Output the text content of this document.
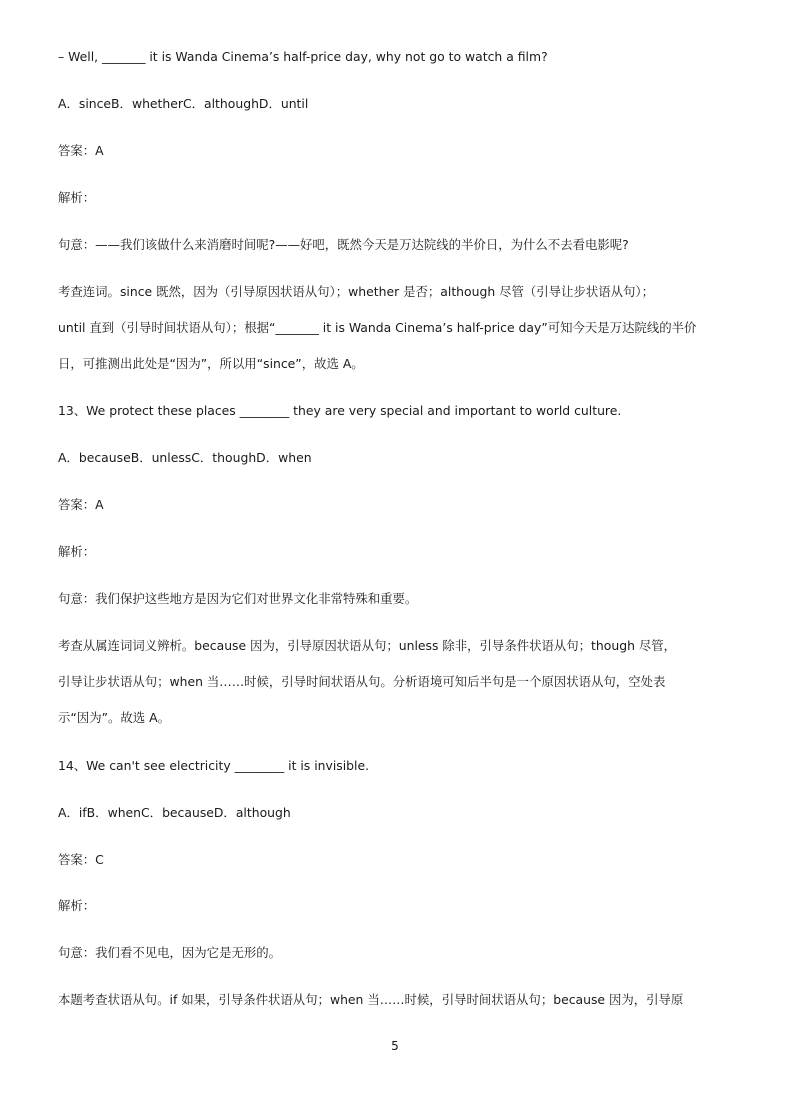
– Well, _______ it is Wanda Cinema’s half-price day, why not go to watch a film?
A．sinceB．whetherC．althoughD．until
答案：A
解析：
句意：——我们该做什么来消磨时间呢?——好吧，既然今天是万达院线的半价日，为什么不去看电影呢?
考查连词。since 既然，因为（引导原因状语从句）；whether 是否；although 尽管（引导让步状语从句）；
until 直到（引导时间状语从句）；根据“_______ it is Wanda Cinema’s half-price day”可知今天是万达院线的半价
日，可推测出此处是“因为”，所以用“since”，故选 A。
13、We protect these places ________ they are very special and important to world culture.
A．becauseB．unlessC．thoughD．when
答案：A
解析：
句意：我们保护这些地方是因为它们对世界文化非常特殊和重要。
考查从属连词词义辨析。because 因为，引导原因状语从句；unless 除非，引导条件状语从句；though 尽管，
引导让步状语从句；when 当……时候，引导时间状语从句。分析语境可知后半句是一个原因状语从句，空处表
示“因为”。故选 A。
14、We can't see electricity ________ it is invisible.
A．ifB．whenC．becauseD．although
答案：C
解析：
句意：我们看不见电，因为它是无形的。
本题考查状语从句。if 如果，引导条件状语从句；when 当……时候，引导时间状语从句；because 因为，引导原
5
